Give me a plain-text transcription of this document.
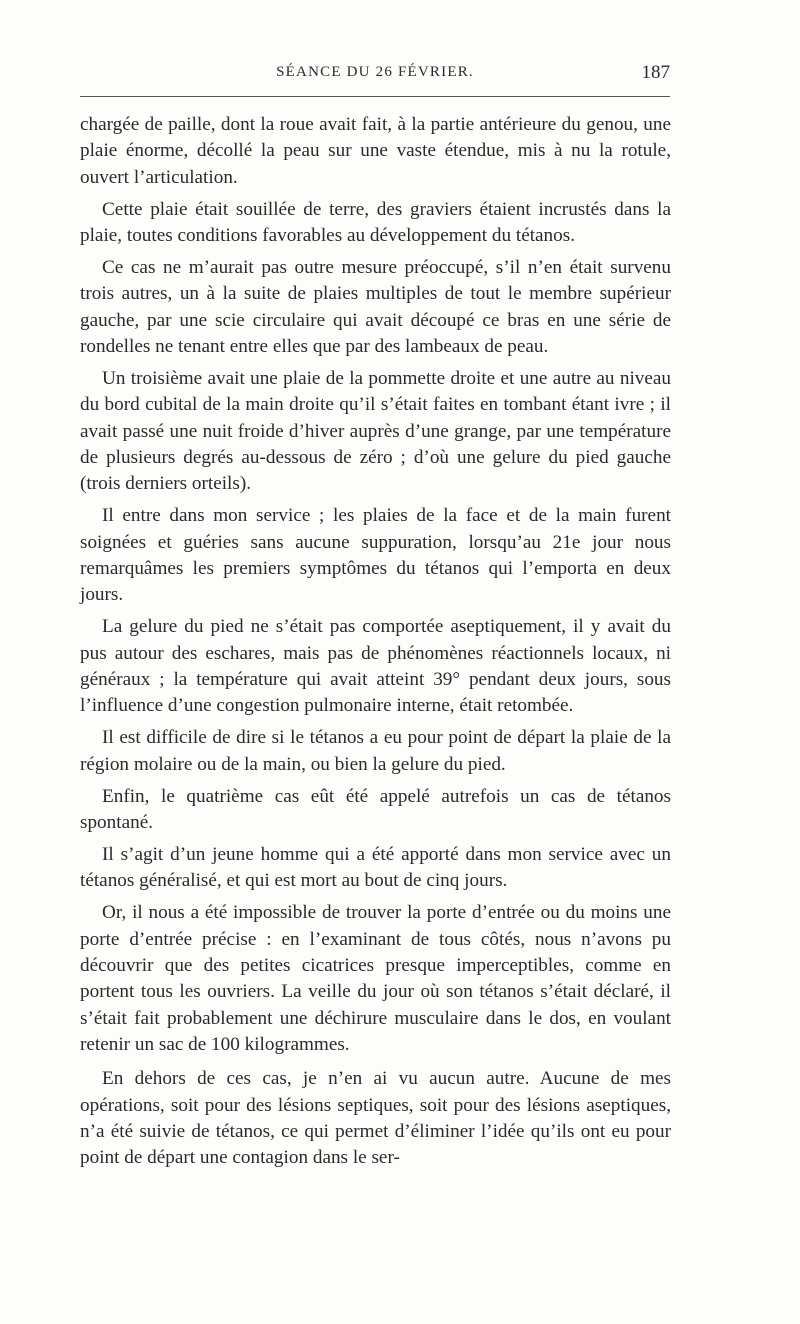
SÉANCE DU 26 FÉVRIER.	187

chargée de paille, dont la roue avait fait, à la partie antérieure du genou, une plaie énorme, décollé la peau sur une vaste étendue, mis à nu la rotule, ouvert l’articulation.

Cette plaie était souillée de terre, des graviers étaient incrustés dans la plaie, toutes conditions favorables au développement du tétanos.

Ce cas ne m’aurait pas outre mesure préoccupé, s’il n’en était survenu trois autres, un à la suite de plaies multiples de tout le membre supérieur gauche, par une scie circulaire qui avait découpé ce bras en une série de rondelles ne tenant entre elles que par des lambeaux de peau.

Un troisième avait une plaie de la pommette droite et une autre au niveau du bord cubital de la main droite qu’il s’était faites en tombant étant ivre ; il avait passé une nuit froide d’hiver auprès d’une grange, par une température de plusieurs degrés au-dessous de zéro ; d’où une gelure du pied gauche (trois derniers orteils).

Il entre dans mon service ; les plaies de la face et de la main furent soignées et guéries sans aucune suppuration, lorsqu’au 21e jour nous remarquâmes les premiers symptômes du tétanos qui l’emporta en deux jours.

La gelure du pied ne s’était pas comportée aseptiquement, il y avait du pus autour des eschares, mais pas de phénomènes réactionnels locaux, ni généraux ; la température qui avait atteint 39° pendant deux jours, sous l’influence d’une congestion pulmonaire interne, était retombée.

Il est difficile de dire si le tétanos a eu pour point de départ la plaie de la région molaire ou de la main, ou bien la gelure du pied.

Enfin, le quatrième cas eût été appelé autrefois un cas de tétanos spontané.

Il s’agit d’un jeune homme qui a été apporté dans mon service avec un tétanos généralisé, et qui est mort au bout de cinq jours.

Or, il nous a été impossible de trouver la porte d’entrée ou du moins une porte d’entrée précise : en l’examinant de tous côtés, nous n’avons pu découvrir que des petites cicatrices presque imperceptibles, comme en portent tous les ouvriers. La veille du jour où son tétanos s’était déclaré, il s’était fait probablement une déchirure musculaire dans le dos, en voulant retenir un sac de 100 kilogrammes.

En dehors de ces cas, je n’en ai vu aucun autre. Aucune de mes opérations, soit pour des lésions septiques, soit pour des lésions aseptiques, n’a été suivie de tétanos, ce qui permet d’éliminer l’idée qu’ils ont eu pour point de départ une contagion dans le ser-
